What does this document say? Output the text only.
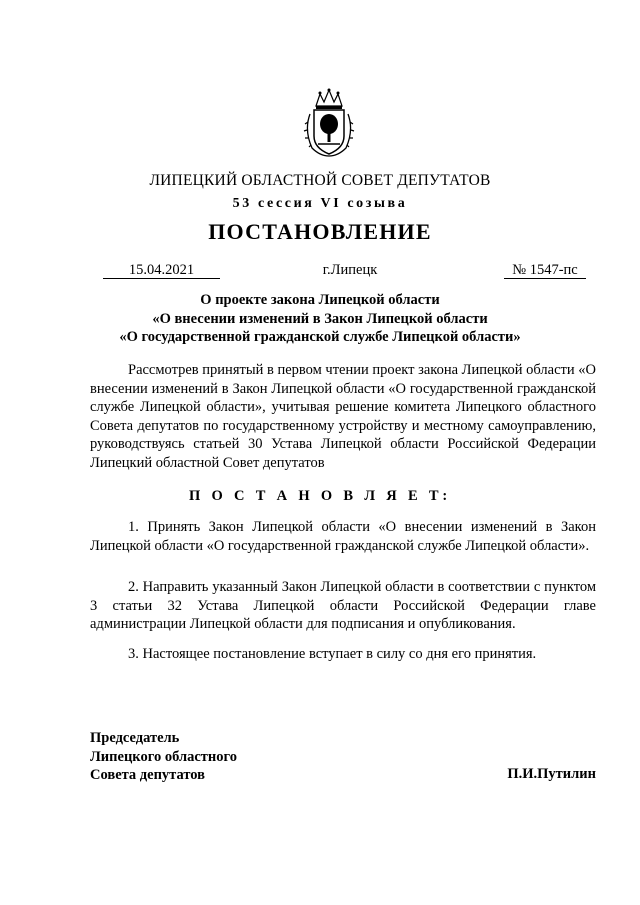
ЛИПЕЦКИЙ ОБЛАСТНОЙ СОВЕТ ДЕПУТАТОВ
53 сессия VI созыва
ПОСТАНОВЛЕНИЕ
15.04.2021	г.Липецк	№ 1547-пс
О проекте закона Липецкой области
«О внесении изменений в Закон Липецкой области
«О государственной гражданской службе Липецкой области»
Рассмотрев принятый в первом чтении проект закона Липецкой области «О внесении изменений в Закон Липецкой области «О государственной гражданской службе Липецкой области», учитывая решение комитета Липецкого областного Совета депутатов по государственному устройству и местному самоуправлению, руководствуясь статьей 30 Устава Липецкой области Российской Федерации Липецкий областной Совет депутатов
П О С Т А Н О В Л Я Е Т:
1. Принять Закон Липецкой области «О внесении изменений в Закон Липецкой области «О государственной гражданской службе Липецкой области».
2. Направить указанный Закон Липецкой области в соответствии с пунктом 3 статьи 32 Устава Липецкой области Российской Федерации главе администрации Липецкой области для подписания и опубликования.
3. Настоящее постановление вступает в силу со дня его принятия.
Председатель
Липецкого областного
Совета депутатов	П.И.Путилин
